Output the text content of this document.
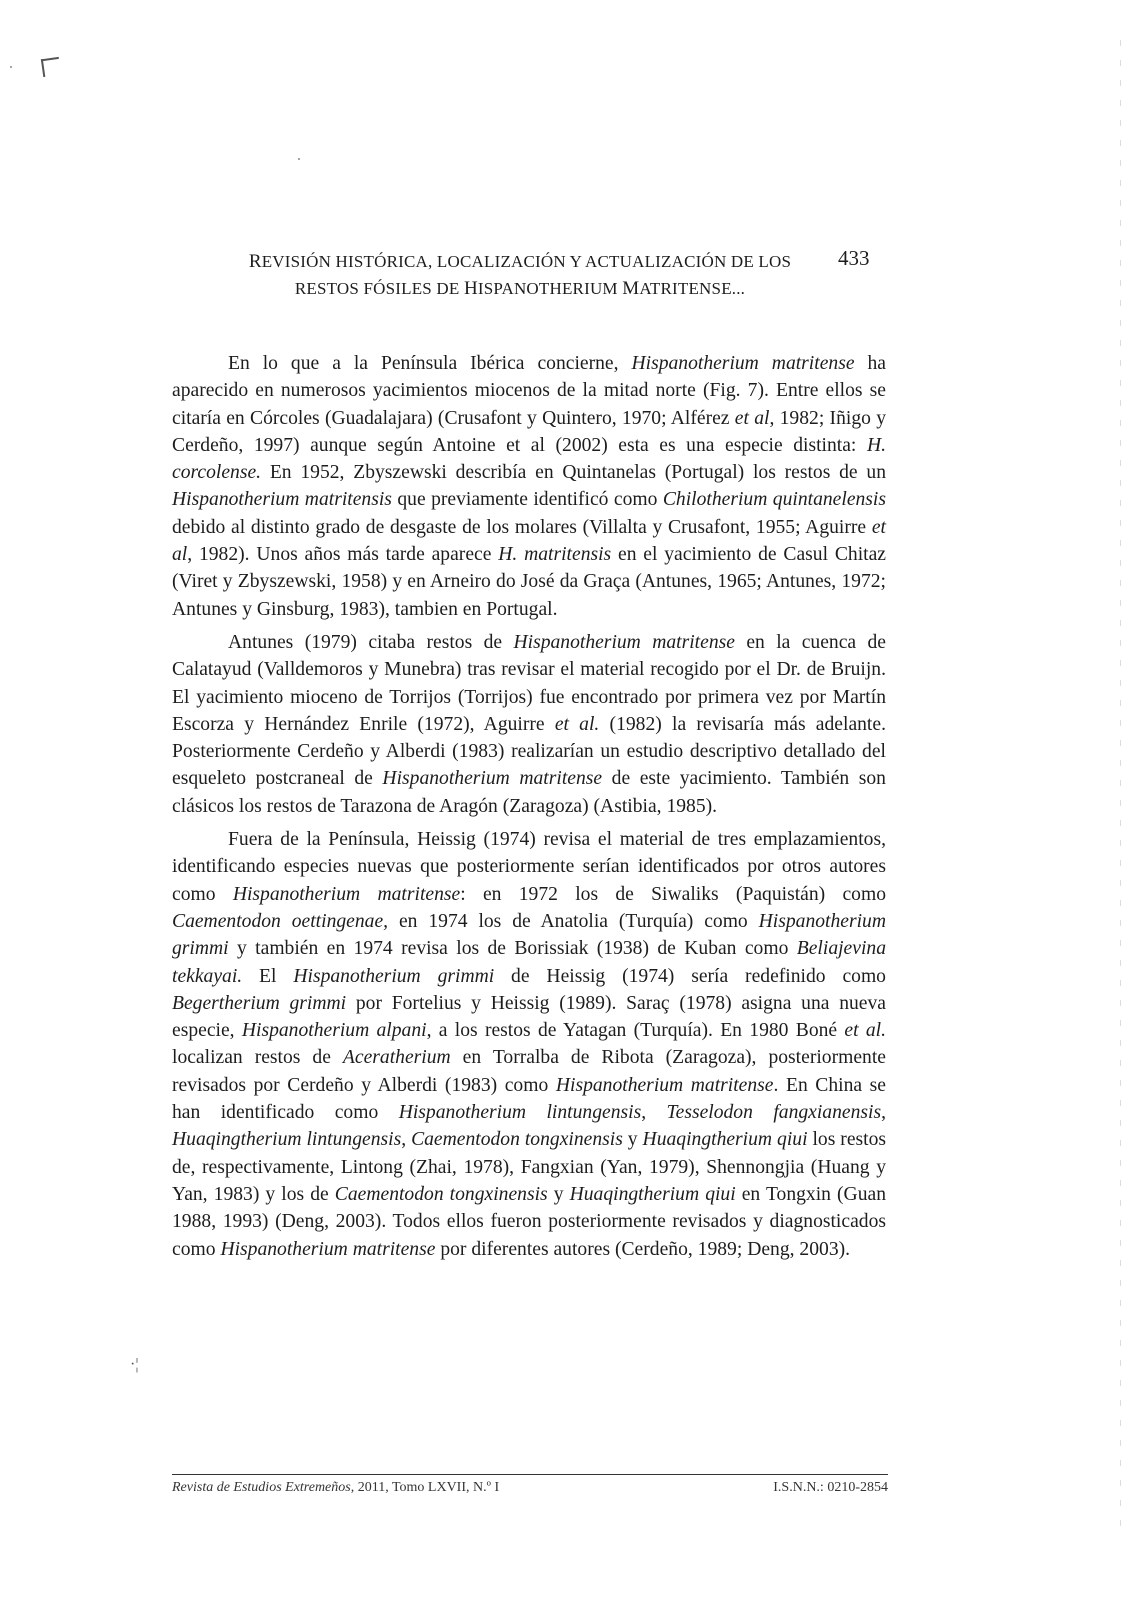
REVISIÓN HISTÓRICA, LOCALIZACIÓN Y ACTUALIZACIÓN DE LOS
RESTOS FÓSILES DE HISPANOTHERIUM MATRITENSE...
433

En lo que a la Península Ibérica concierne, Hispanotherium matritense ha aparecido en numerosos yacimientos miocenos de la mitad norte (Fig. 7). Entre ellos se citaría en Córcoles (Guadalajara) (Crusafont y Quintero, 1970; Alférez et al, 1982; Iñigo y Cerdeño, 1997) aunque según Antoine et al (2002) esta es una especie distinta: H. corcolense. En 1952, Zbyszewski describía en Quintanelas (Portugal) los restos de un Hispanotherium matritensis que previamente identificó como Chilotherium quintanelensis debido al distinto grado de desgaste de los molares (Villalta y Crusafont, 1955; Aguirre et al, 1982). Unos años más tarde aparece H. matritensis en el yacimiento de Casul Chitaz (Viret y Zbyszewski, 1958) y en Arneiro do José da Graça (Antunes, 1965; Antunes, 1972; Antunes y Ginsburg, 1983), tambien en Portugal.

Antunes (1979) citaba restos de Hispanotherium matritense en la cuenca de Calatayud (Valldemoros y Munebra) tras revisar el material recogido por el Dr. de Bruijn. El yacimiento mioceno de Torrijos (Torrijos) fue encontrado por primera vez por Martín Escorza y Hernández Enrile (1972), Aguirre et al. (1982) la revisaría más adelante. Posteriormente Cerdeño y Alberdi (1983) realizarían un estudio descriptivo detallado del esqueleto postcraneal de Hispanotherium matritense de este yacimiento. También son clásicos los restos de Tarazona de Aragón (Zaragoza) (Astibia, 1985).

Fuera de la Península, Heissig (1974) revisa el material de tres emplazamientos, identificando especies nuevas que posteriormente serían identificados por otros autores como Hispanotherium matritense: en 1972 los de Siwaliks (Paquistán) como Caementodon oettingenae, en 1974 los de Anatolia (Turquía) como Hispanotherium grimmi y también en 1974 revisa los de Borissiak (1938) de Kuban como Beliajevina tekkayai. El Hispanotherium grimmi de Heissig (1974) sería redefinido como Begertherium grimmi por Fortelius y Heissig (1989). Saraç (1978) asigna una nueva especie, Hispanotherium alpani, a los restos de Yatagan (Turquía). En 1980 Boné et al. localizan restos de Aceratherium en Torralba de Ribota (Zaragoza), posteriormente revisados por Cerdeño y Alberdi (1983) como Hispanotherium matritense. En China se han identificado como Hispanotherium lintungensis, Tesselodon fangxianensis, Huaqingtherium lintungensis, Caementodon tongxinensis y Huaqingtherium qiui los restos de, respectivamente, Lintong (Zhai, 1978), Fangxian (Yan, 1979), Shennongjia (Huang y Yan, 1983) y los de Caementodon tongxinensis y Huaqingtherium qiui en Tongxin (Guan 1988, 1993) (Deng, 2003). Todos ellos fueron posteriormente revisados y diagnosticados como Hispanotherium matritense por diferentes autores (Cerdeño, 1989; Deng, 2003).

·¦
Revista de Estudios Extremeños, 2011, Tomo LXVII, N.º I	I.S.N.N.: 0210-2854
